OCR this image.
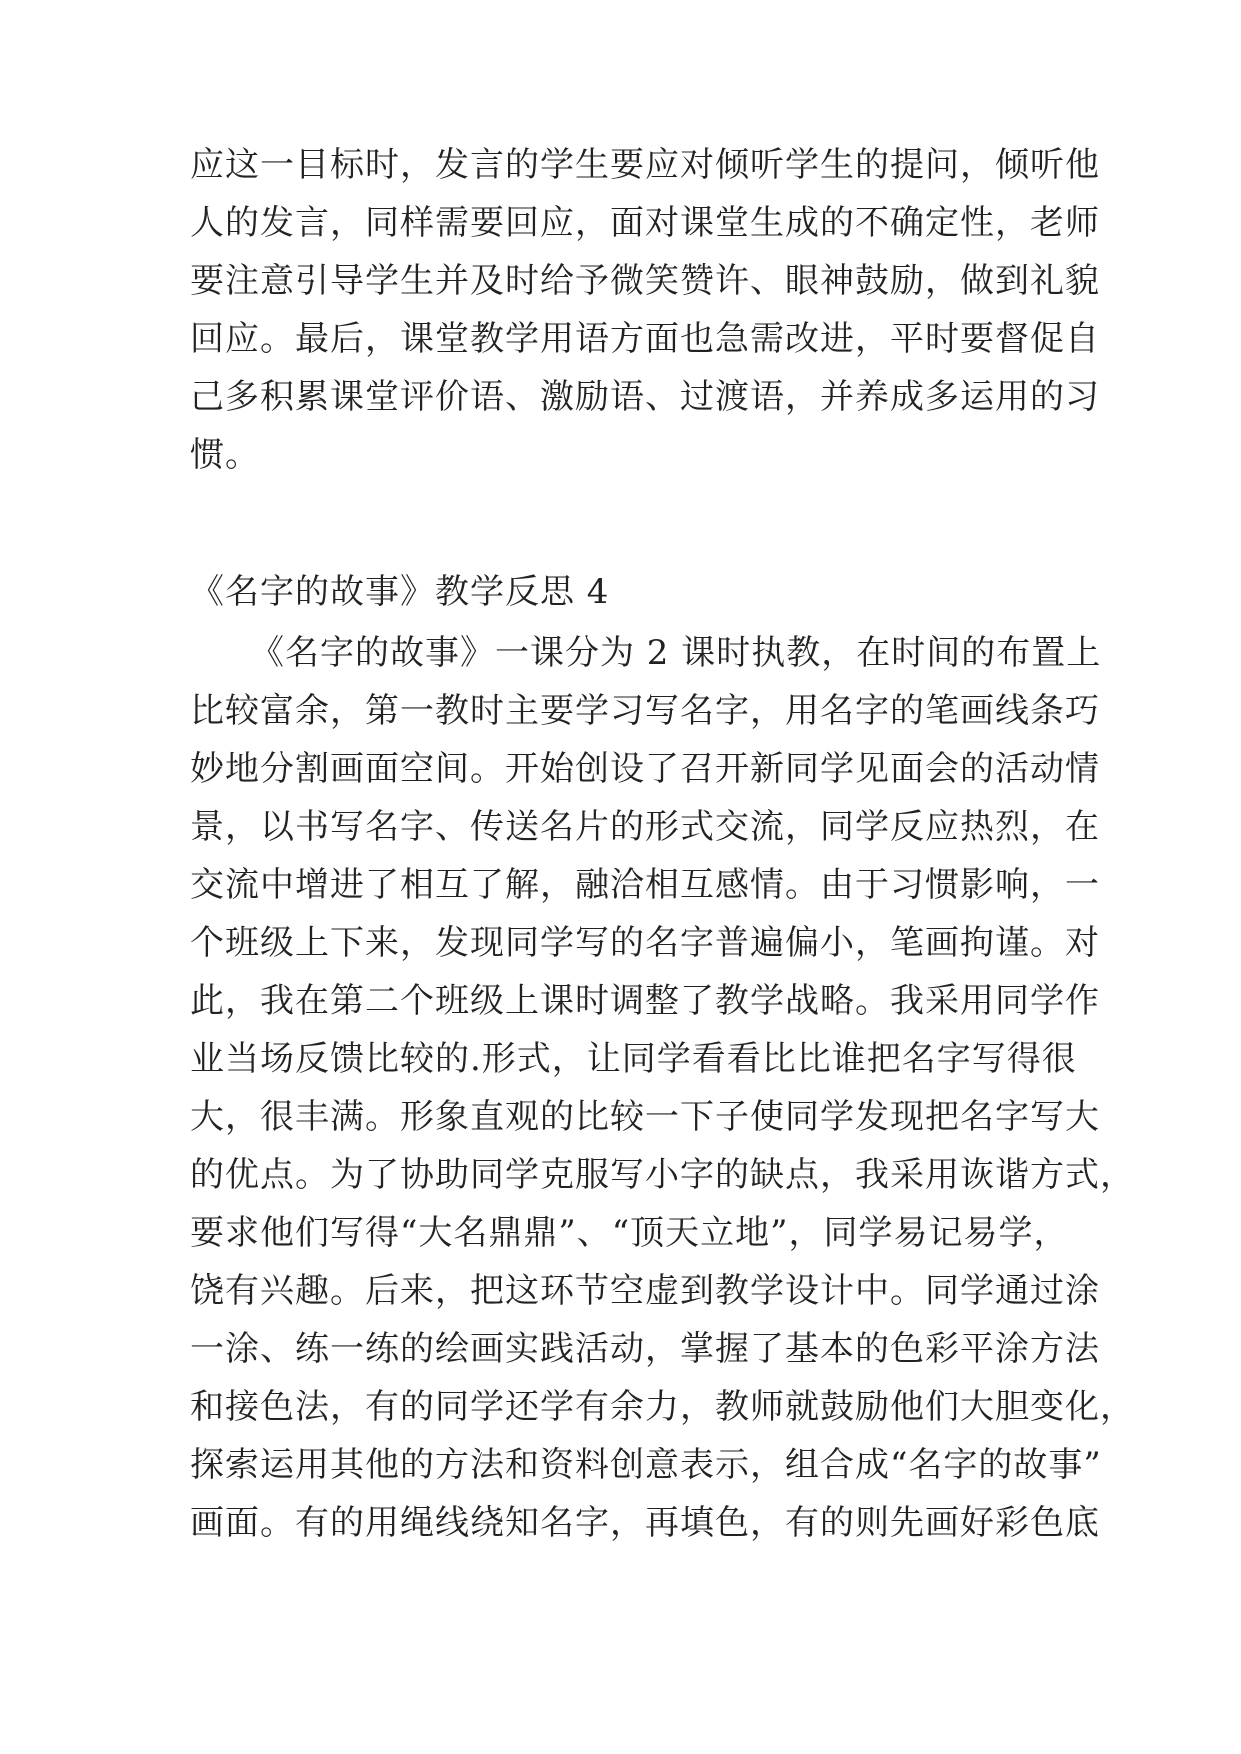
应这一目标时，发言的学生要应对倾听学生的提问，倾听他
人的发言，同样需要回应，面对课堂生成的不确定性，老师
要注意引导学生并及时给予微笑赞许、眼神鼓励，做到礼貌
回应。最后，课堂教学用语方面也急需改进，平时要督促自
己多积累课堂评价语、激励语、过渡语，并养成多运用的习
惯。
《名字的故事》教学反思 4
《名字的故事》一课分为 2 课时执教，在时间的布置上
比较富余，第一教时主要学习写名字，用名字的笔画线条巧
妙地分割画面空间。开始创设了召开新同学见面会的活动情
景，以书写名字、传送名片的形式交流，同学反应热烈，在
交流中增进了相互了解，融洽相互感情。由于习惯影响，一
个班级上下来，发现同学写的名字普遍偏小，笔画拘谨。对
此，我在第二个班级上课时调整了教学战略。我采用同学作
业当场反馈比较的.形式，让同学看看比比谁把名字写得很
大，很丰满。形象直观的比较一下子使同学发现把名字写大
的优点。为了协助同学克服写小字的缺点，我采用诙谐方式，
要求他们写得“大名鼎鼎”、“顶天立地”，同学易记易学，
饶有兴趣。后来，把这环节空虚到教学设计中。同学通过涂
一涂、练一练的绘画实践活动，掌握了基本的色彩平涂方法
和接色法，有的同学还学有余力，教师就鼓励他们大胆变化，
探索运用其他的方法和资料创意表示，组合成“名字的故事”
画面。有的用绳线绕知名字，再填色，有的则先画好彩色底
